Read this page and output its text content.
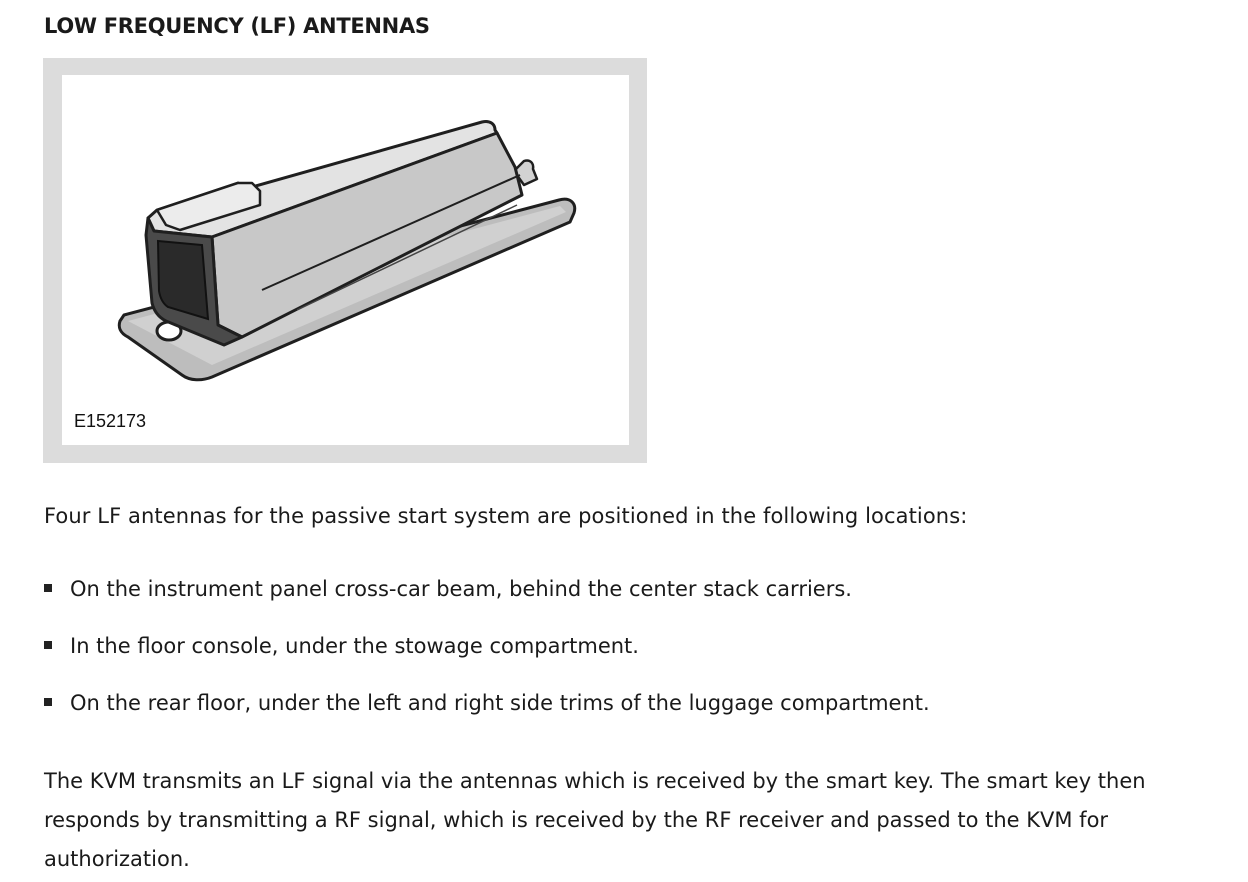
LOW FREQUENCY (LF) ANTENNAS
E152173

Four LF antennas for the passive start system are positioned in the following locations:

On the instrument panel cross-car beam, behind the center stack carriers.
In the floor console, under the stowage compartment.
On the rear floor, under the left and right side trims of the luggage compartment.

The KVM transmits an LF signal via the antennas which is received by the smart key. The smart key then responds by transmitting a RF signal, which is received by the RF receiver and passed to the KVM for authorization.
